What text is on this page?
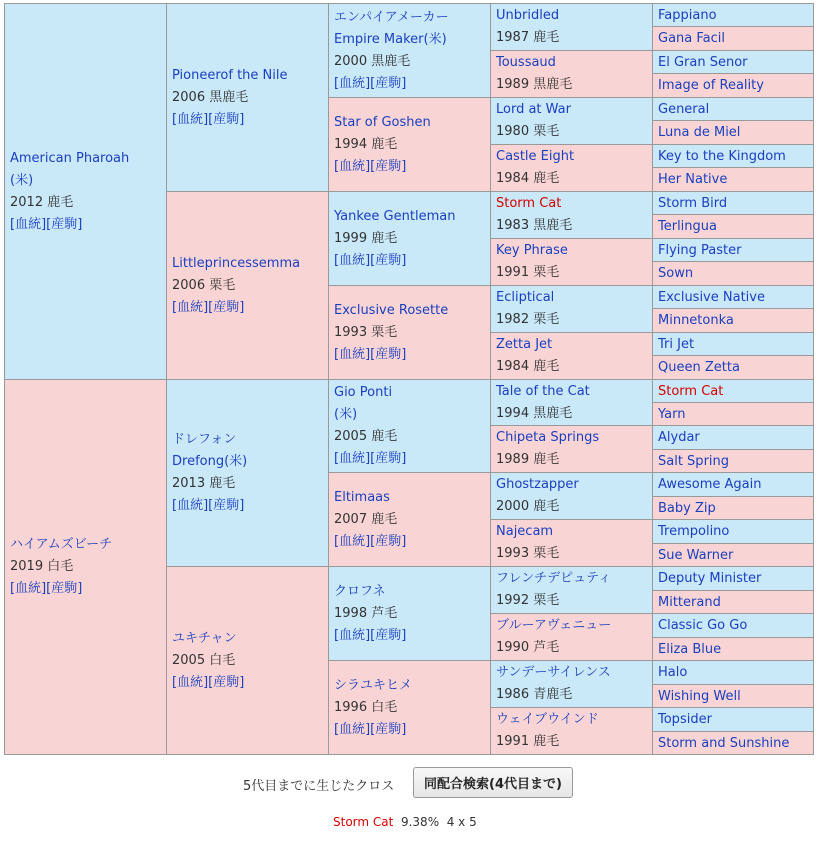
American Pharoah
(米)
2012 鹿毛
[血統][産駒]
ハイアムズビーチ
2019 白毛
[血統][産駒]
Pioneerof the Nile
2006 黒鹿毛
[血統][産駒]
Littleprincessemma
2006 栗毛
[血統][産駒]
ドレフォン
Drefong(米)
2013 鹿毛
[血統][産駒]
ユキチャン
2005 白毛
[血統][産駒]
エンパイアメーカー
Empire Maker(米)
2000 黒鹿毛
[血統][産駒]
Star of Goshen
1994 鹿毛
[血統][産駒]
Yankee Gentleman
1999 鹿毛
[血統][産駒]
Exclusive Rosette
1993 栗毛
[血統][産駒]
Gio Ponti
(米)
2005 鹿毛
[血統][産駒]
Eltimaas
2007 鹿毛
[血統][産駒]
クロフネ
1998 芦毛
[血統][産駒]
シラユキヒメ
1996 白毛
[血統][産駒]
Unbridled
1987 鹿毛
Toussaud
1989 黒鹿毛
Lord at War
1980 栗毛
Castle Eight
1984 鹿毛
Storm Cat
1983 黒鹿毛
Key Phrase
1991 栗毛
Ecliptical
1982 栗毛
Zetta Jet
1984 鹿毛
Tale of the Cat
1994 黒鹿毛
Chipeta Springs
1989 鹿毛
Ghostzapper
2000 鹿毛
Najecam
1993 栗毛
フレンチデピュティ
1992 栗毛
ブルーアヴェニュー
1990 芦毛
サンデーサイレンス
1986 青鹿毛
ウェイブウインド
1991 鹿毛
Fappiano
Gana Facil
El Gran Senor
Image of Reality
General
Luna de Miel
Key to the Kingdom
Her Native
Storm Bird
Terlingua
Flying Paster
Sown
Exclusive Native
Minnetonka
Tri Jet
Queen Zetta
Storm Cat
Yarn
Alydar
Salt Spring
Awesome Again
Baby Zip
Trempolino
Sue Warner
Deputy Minister
Mitterand
Classic Go Go
Eliza Blue
Halo
Wishing Well
Topsider
Storm and Sunshine
5代目までに生じたクロス	同配合検索(4代目まで)
Storm Cat 9.38% 4 x 5
